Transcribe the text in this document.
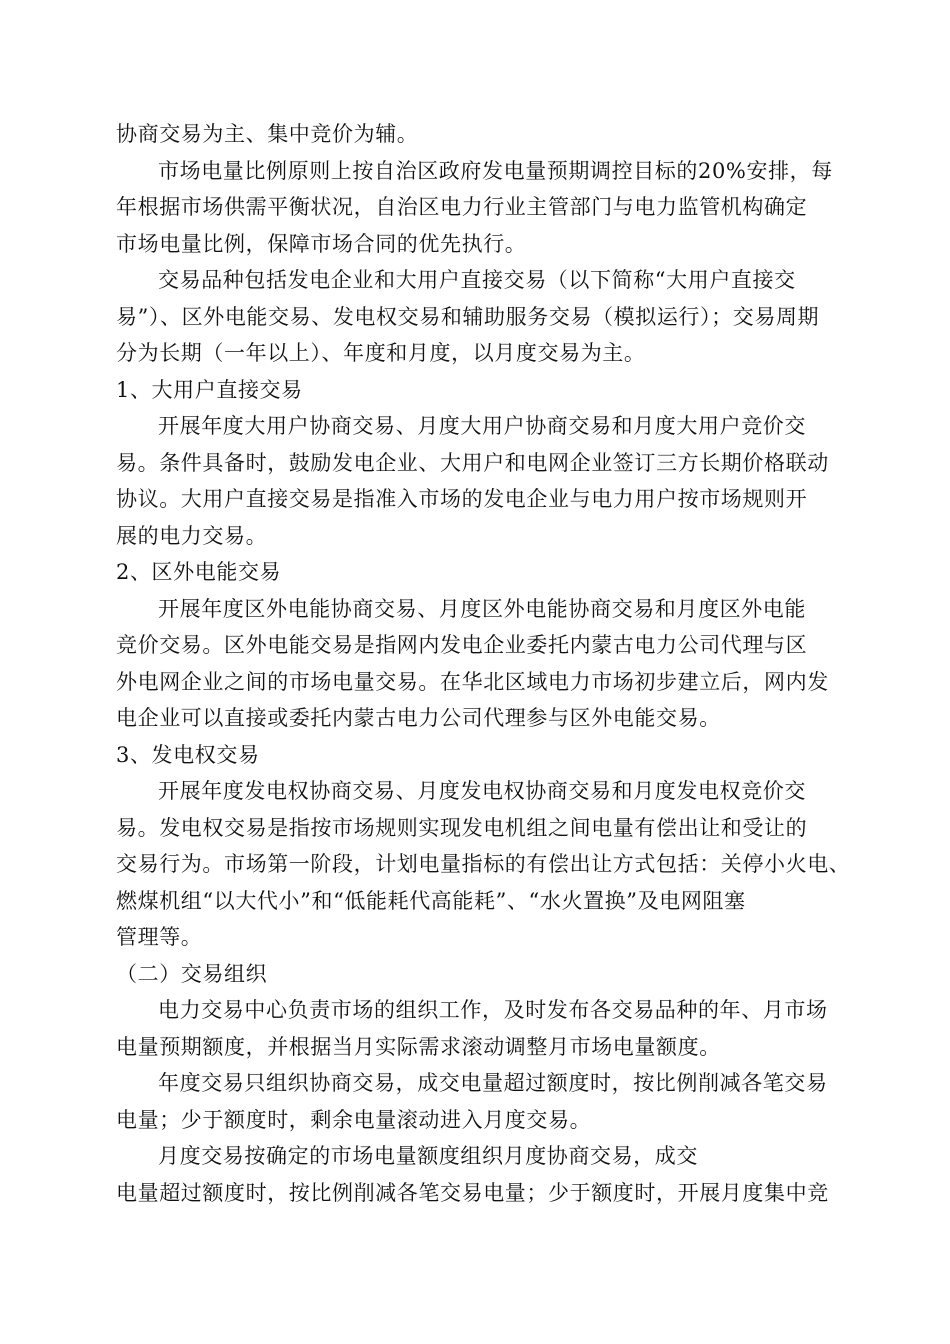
协商交易为主、集中竞价为辅。
市场电量比例原则上按自治区政府发电量预期调控目标的20%安排，每
年根据市场供需平衡状况，自治区电力行业主管部门与电力监管机构确定
市场电量比例，保障市场合同的优先执行。
交易品种包括发电企业和大用户直接交易（以下简称“大用户直接交
易”）、区外电能交易、发电权交易和辅助服务交易（模拟运行）；交易周期
分为长期（一年以上）、年度和月度，以月度交易为主。
1、大用户直接交易
开展年度大用户协商交易、月度大用户协商交易和月度大用户竞价交
易。条件具备时，鼓励发电企业、大用户和电网企业签订三方长期价格联动
协议。大用户直接交易是指准入市场的发电企业与电力用户按市场规则开
展的电力交易。
2、区外电能交易
开展年度区外电能协商交易、月度区外电能协商交易和月度区外电能
竞价交易。区外电能交易是指网内发电企业委托内蒙古电力公司代理与区
外电网企业之间的市场电量交易。在华北区域电力市场初步建立后，网内发
电企业可以直接或委托内蒙古电力公司代理参与区外电能交易。
3、发电权交易
开展年度发电权协商交易、月度发电权协商交易和月度发电权竞价交
易。发电权交易是指按市场规则实现发电机组之间电量有偿出让和受让的
交易行为。市场第一阶段，计划电量指标的有偿出让方式包括：关停小火电、
燃煤机组“以大代小”和“低能耗代高能耗”、“水火置换”及电网阻塞
管理等。
（二）交易组织
电力交易中心负责市场的组织工作，及时发布各交易品种的年、月市场
电量预期额度，并根据当月实际需求滚动调整月市场电量额度。
年度交易只组织协商交易，成交电量超过额度时，按比例削减各笔交易
电量；少于额度时，剩余电量滚动进入月度交易。
月度交易按确定的市场电量额度组织月度协商交易，成交
电量超过额度时，按比例削减各笔交易电量；少于额度时，开展月度集中竞
